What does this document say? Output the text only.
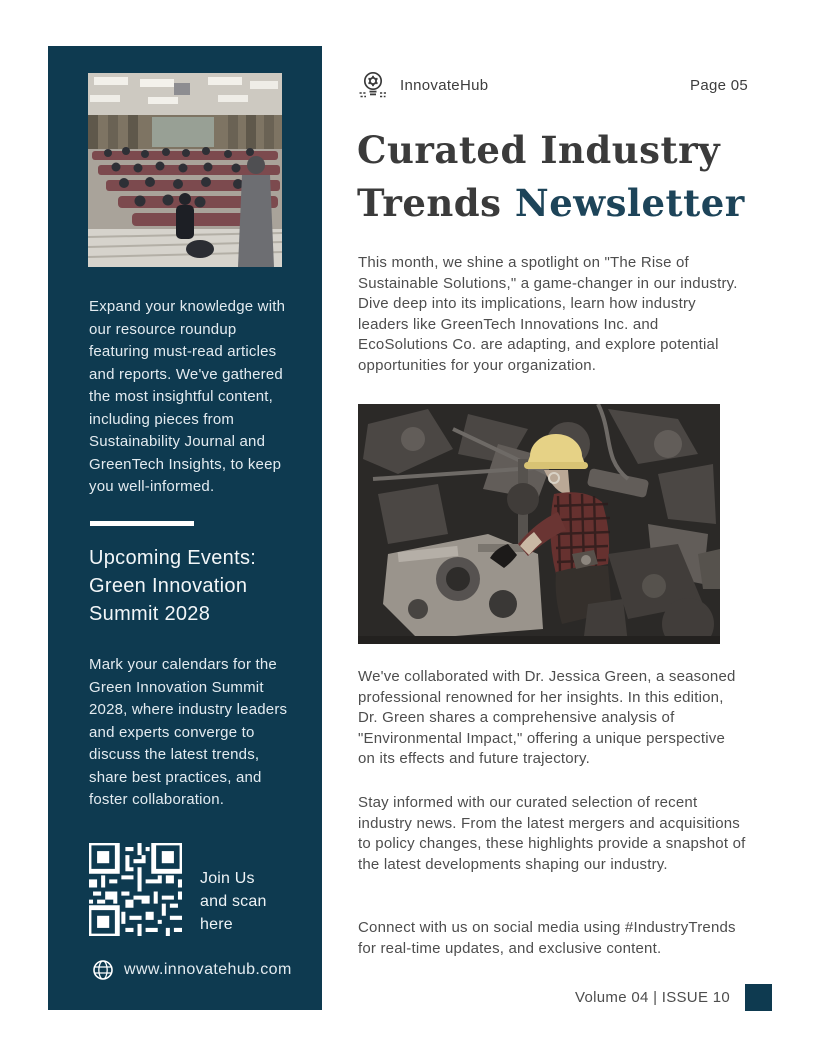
Expand your knowledge with our resource roundup featuring must-read articles and reports. We've gathered the most insightful content, including pieces from Sustainability Journal and GreenTech Insights, to keep you well-informed.

Upcoming Events: Green Innovation Summit 2028

Mark your calendars for the Green Innovation Summit 2028, where industry leaders and experts converge to discuss the latest trends, share best practices, and foster collaboration.

Join Us
and scan here
www.innovatehub.com
InnovateHub	Page 05
Curated Industry
Trends Newsletter

This month, we shine a spotlight on "The Rise of Sustainable Solutions," a game-changer in our industry. Dive deep into its implications, learn how industry leaders like GreenTech Innovations Inc. and EcoSolutions Co. are adapting, and explore potential opportunities for your organization.

We've collaborated with Dr. Jessica Green, a seasoned professional renowned for her insights. In this edition, Dr. Green shares a comprehensive analysis of "Environmental Impact," offering a unique perspective on its effects and future trajectory.

Stay informed with our curated selection of recent industry news. From the latest mergers and acquisitions to policy changes, these highlights provide a snapshot of the latest developments shaping our industry.

Connect with us on social media using #IndustryTrends for real-time updates, and exclusive content.

Volume 04 | ISSUE 10
